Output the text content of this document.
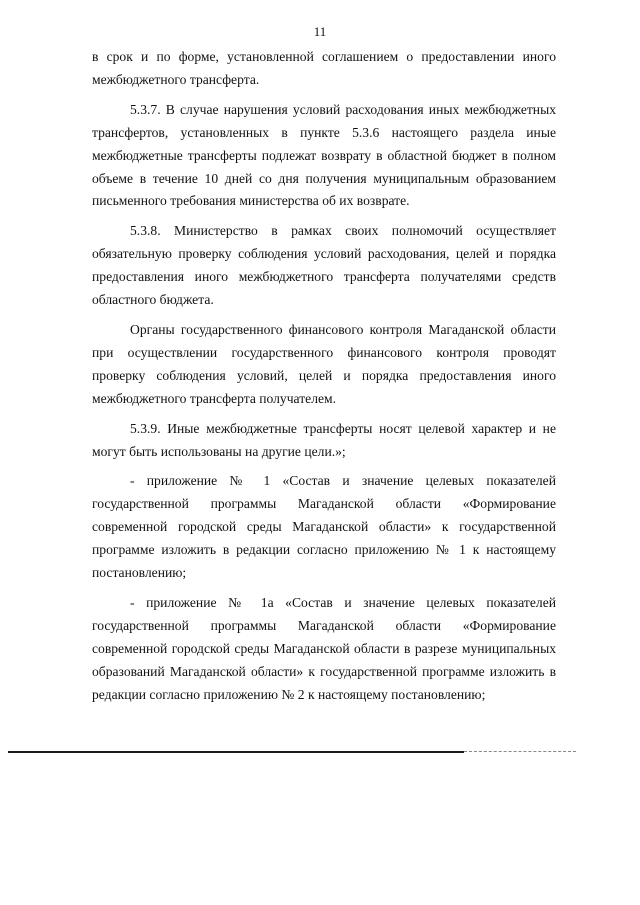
11

в срок и по форме, установленной соглашением о предоставлении иного межбюджетного трансферта.

5.3.7. В случае нарушения условий расходования иных межбюджетных трансфертов, установленных в пункте 5.3.6 настоящего раздела иные межбюджетные трансферты подлежат возврату в областной бюджет в полном объеме в течение 10 дней со дня получения муниципальным образованием письменного требования министерства об их возврате.

5.3.8. Министерство в рамках своих полномочий осуществляет обязательную проверку соблюдения условий расходования, целей и порядка предоставления иного межбюджетного трансферта получателями средств областного бюджета.

Органы государственного финансового контроля Магаданской области при осуществлении государственного финансового контроля проводят проверку соблюдения условий, целей и порядка предоставления иного межбюджетного трансферта получателем.

5.3.9. Иные межбюджетные трансферты носят целевой характер и не могут быть использованы на другие цели.»;

- приложение № 1 «Состав и значение целевых показателей государственной программы Магаданской области «Формирование современной городской среды Магаданской области» к государственной программе изложить в редакции согласно приложению № 1 к настоящему постановлению;

- приложение № 1а «Состав и значение целевых показателей государственной программы Магаданской области «Формирование современной городской среды Магаданской области в разрезе муниципальных образований Магаданской области» к государственной программе изложить в редакции согласно приложению № 2 к настоящему постановлению;
